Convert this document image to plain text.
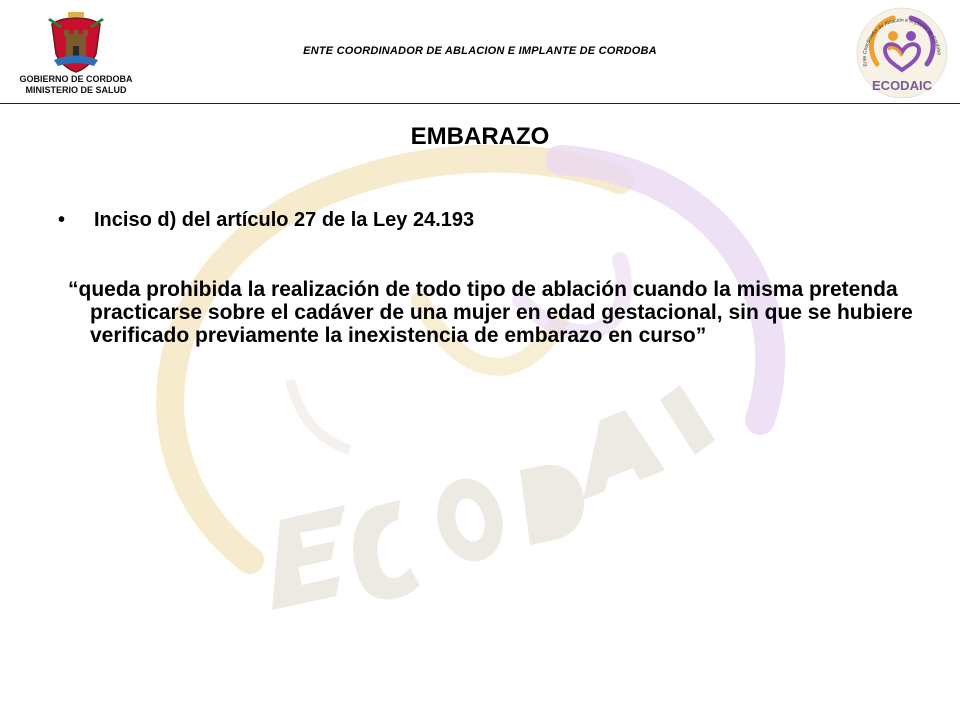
GOBIERNO DE CORDOBA
MINISTERIO DE SALUD
ENTE COORDINADOR DE ABLACION E IMPLANTE DE CORDOBA
Ente Coordinador de Ablación e Implante de Córdoba
ECODAIC
EMBARAZO
• Inciso d) del artículo 27 de la Ley 24.193
“queda prohibida la realización de todo tipo de ablación cuando la misma pretenda practicarse sobre el cadáver de una mujer en edad gestacional, sin que se hubiere verificado previamente la inexistencia de embarazo en curso”
